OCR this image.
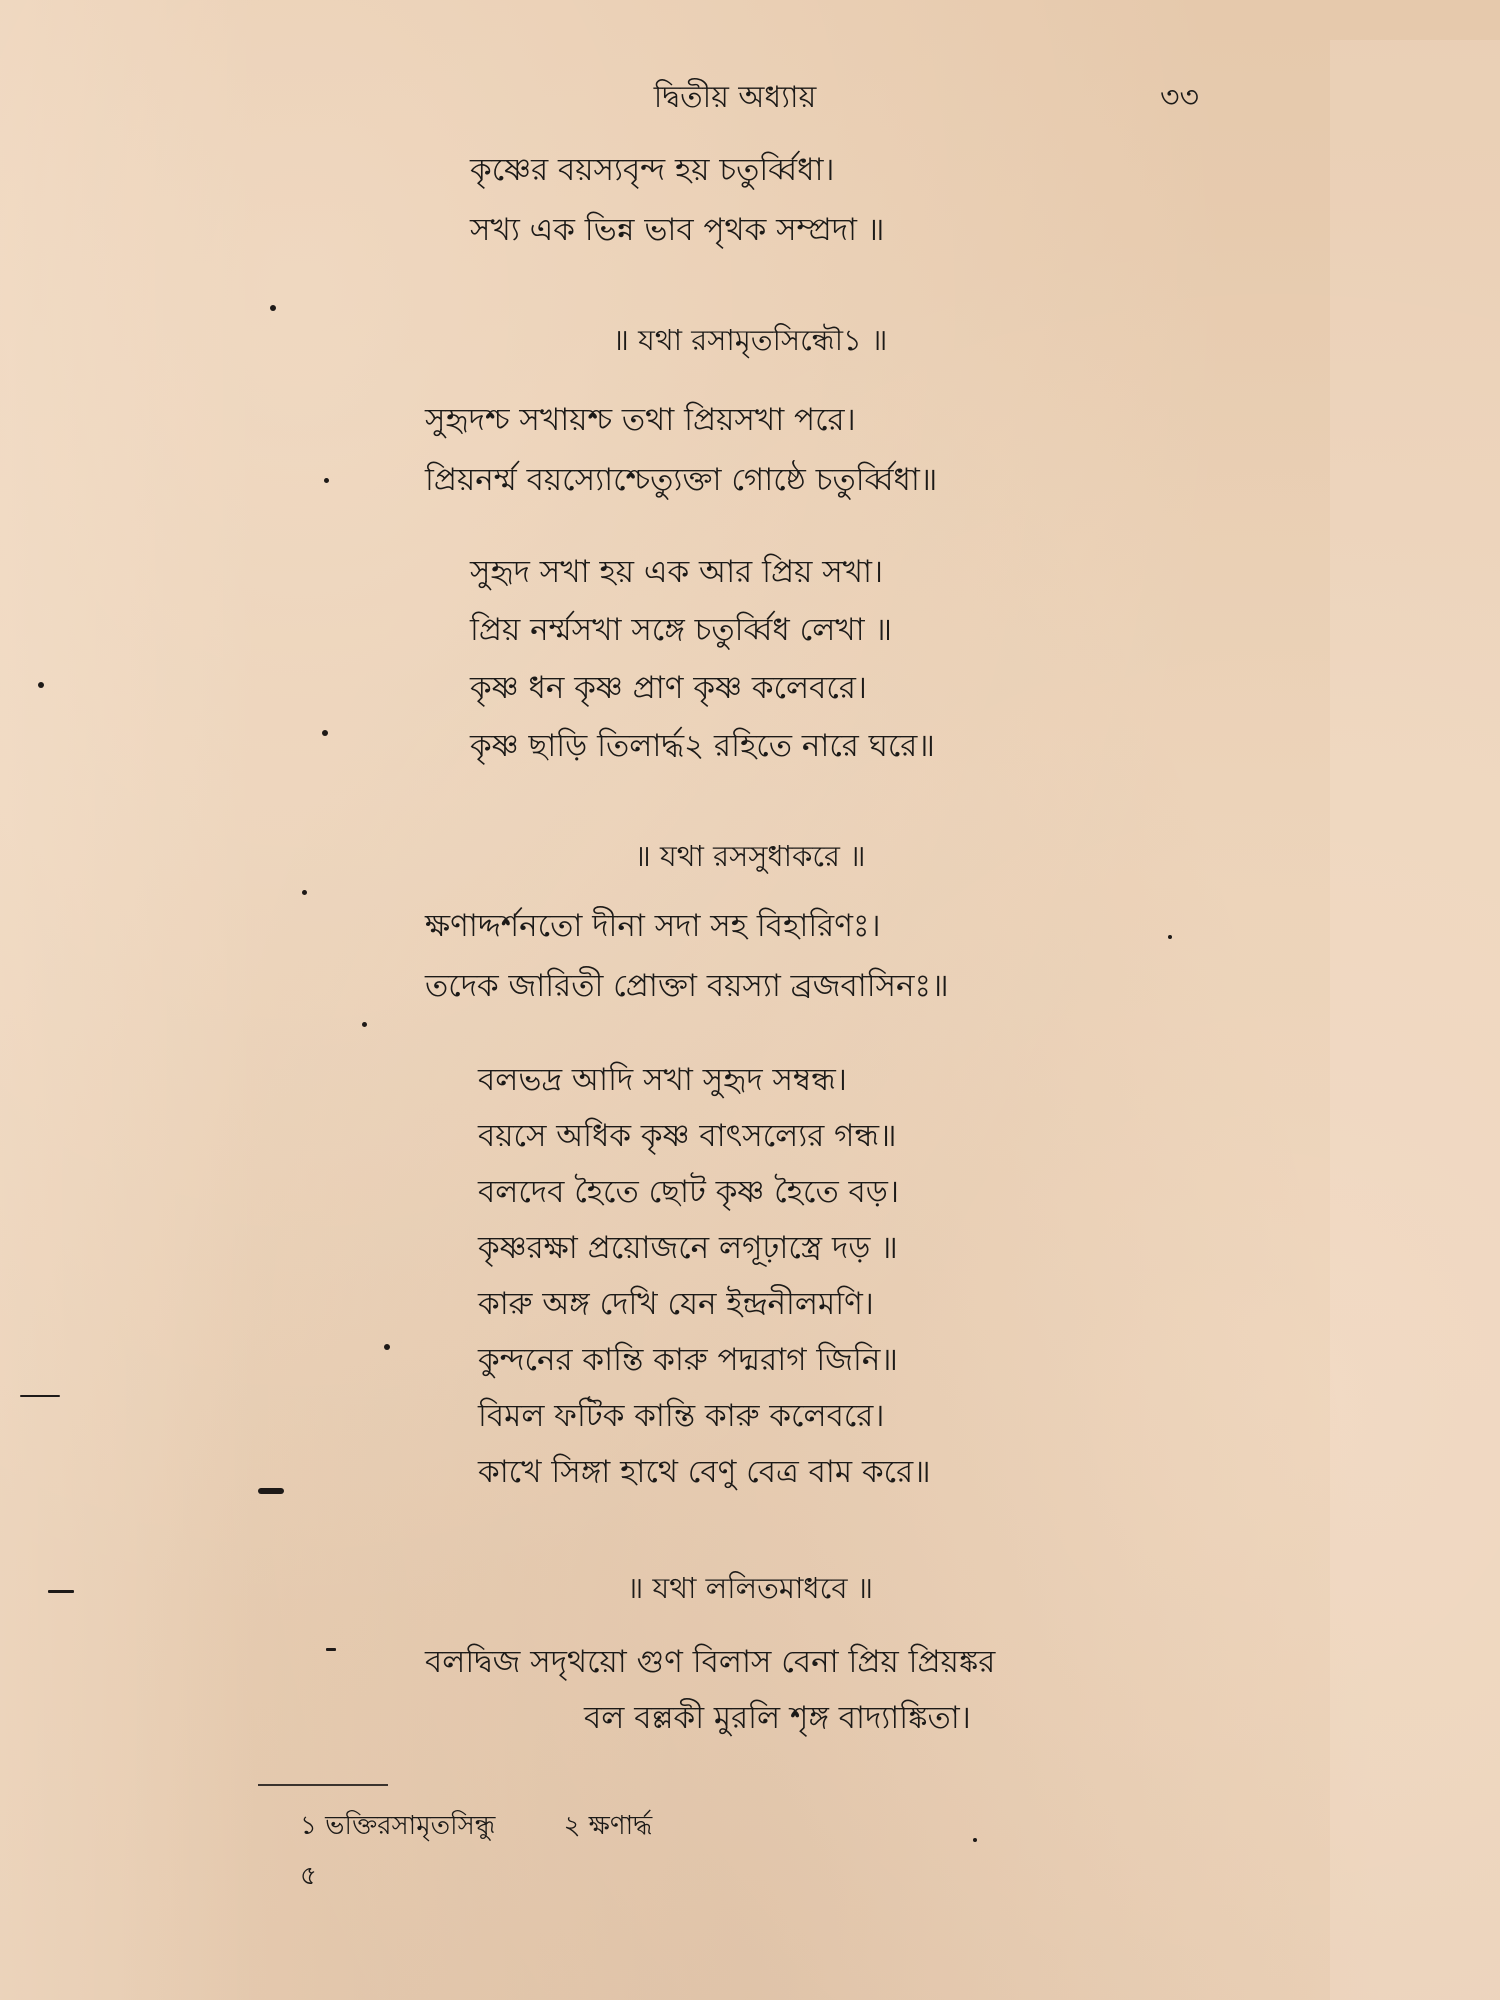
দ্বিতীয় অধ্যায়	৩৩
কৃষ্ণের বয়স্যবৃন্দ হয় চতুর্ব্বিধা।
সখ্য এক ভিন্ন ভাব পৃথক সম্প্রদা ॥
॥ যথা রসামৃতসিন্ধৌ১ ॥
সুহৃদশ্চ সখায়শ্চ তথা প্রিয়সখা পরে।
প্রিয়নর্ম্ম বয়স্যোশ্চেত্যুক্তা গোষ্ঠে চতুর্ব্বিধা॥
সুহৃদ সখা হয় এক আর প্রিয় সখা।
প্রিয় নর্ম্মসখা সঙ্গে চতুর্ব্বিধ লেখা ॥
কৃষ্ণ ধন কৃষ্ণ প্রাণ কৃষ্ণ কলেবরে।
কৃষ্ণ ছাড়ি তিলার্দ্ধ২ রহিতে নারে ঘরে॥
॥ যথা রসসুধাকরে ॥
ক্ষণাদ্দর্শনতো দীনা সদা সহ বিহারিণঃ।
তদেক জারিতী প্রোক্তা বয়স্যা ব্রজবাসিনঃ॥
বলভদ্র আদি সখা সুহৃদ সম্বন্ধ।
বয়সে অধিক কৃষ্ণ বাৎসল্যের গন্ধ॥
বলদেব হৈতে ছোট কৃষ্ণ হৈতে বড়।
কৃষ্ণরক্ষা প্রয়োজনে লগূঢ়াস্ত্রে দড় ॥
কারু অঙ্গ দেখি যেন ইন্দ্রনীলমণি।
কুন্দনের কান্তি কারু পদ্মরাগ জিনি॥
বিমল ফটিক কান্তি কারু কলেবরে।
কাখে সিঙ্গা হাথে বেণু বেত্র বাম করে॥
॥ যথা ললিতমাধবে ॥
বলদ্বিজ সদৃথয়ো গুণ বিলাস বেনা প্রিয় প্রিয়ঙ্কর
বল বল্লকী মুরলি শৃঙ্গ বাদ্যাঙ্কিতা।
১ ভক্তিরসামৃতসিন্ধু	২ ক্ষণার্দ্ধ
৫
